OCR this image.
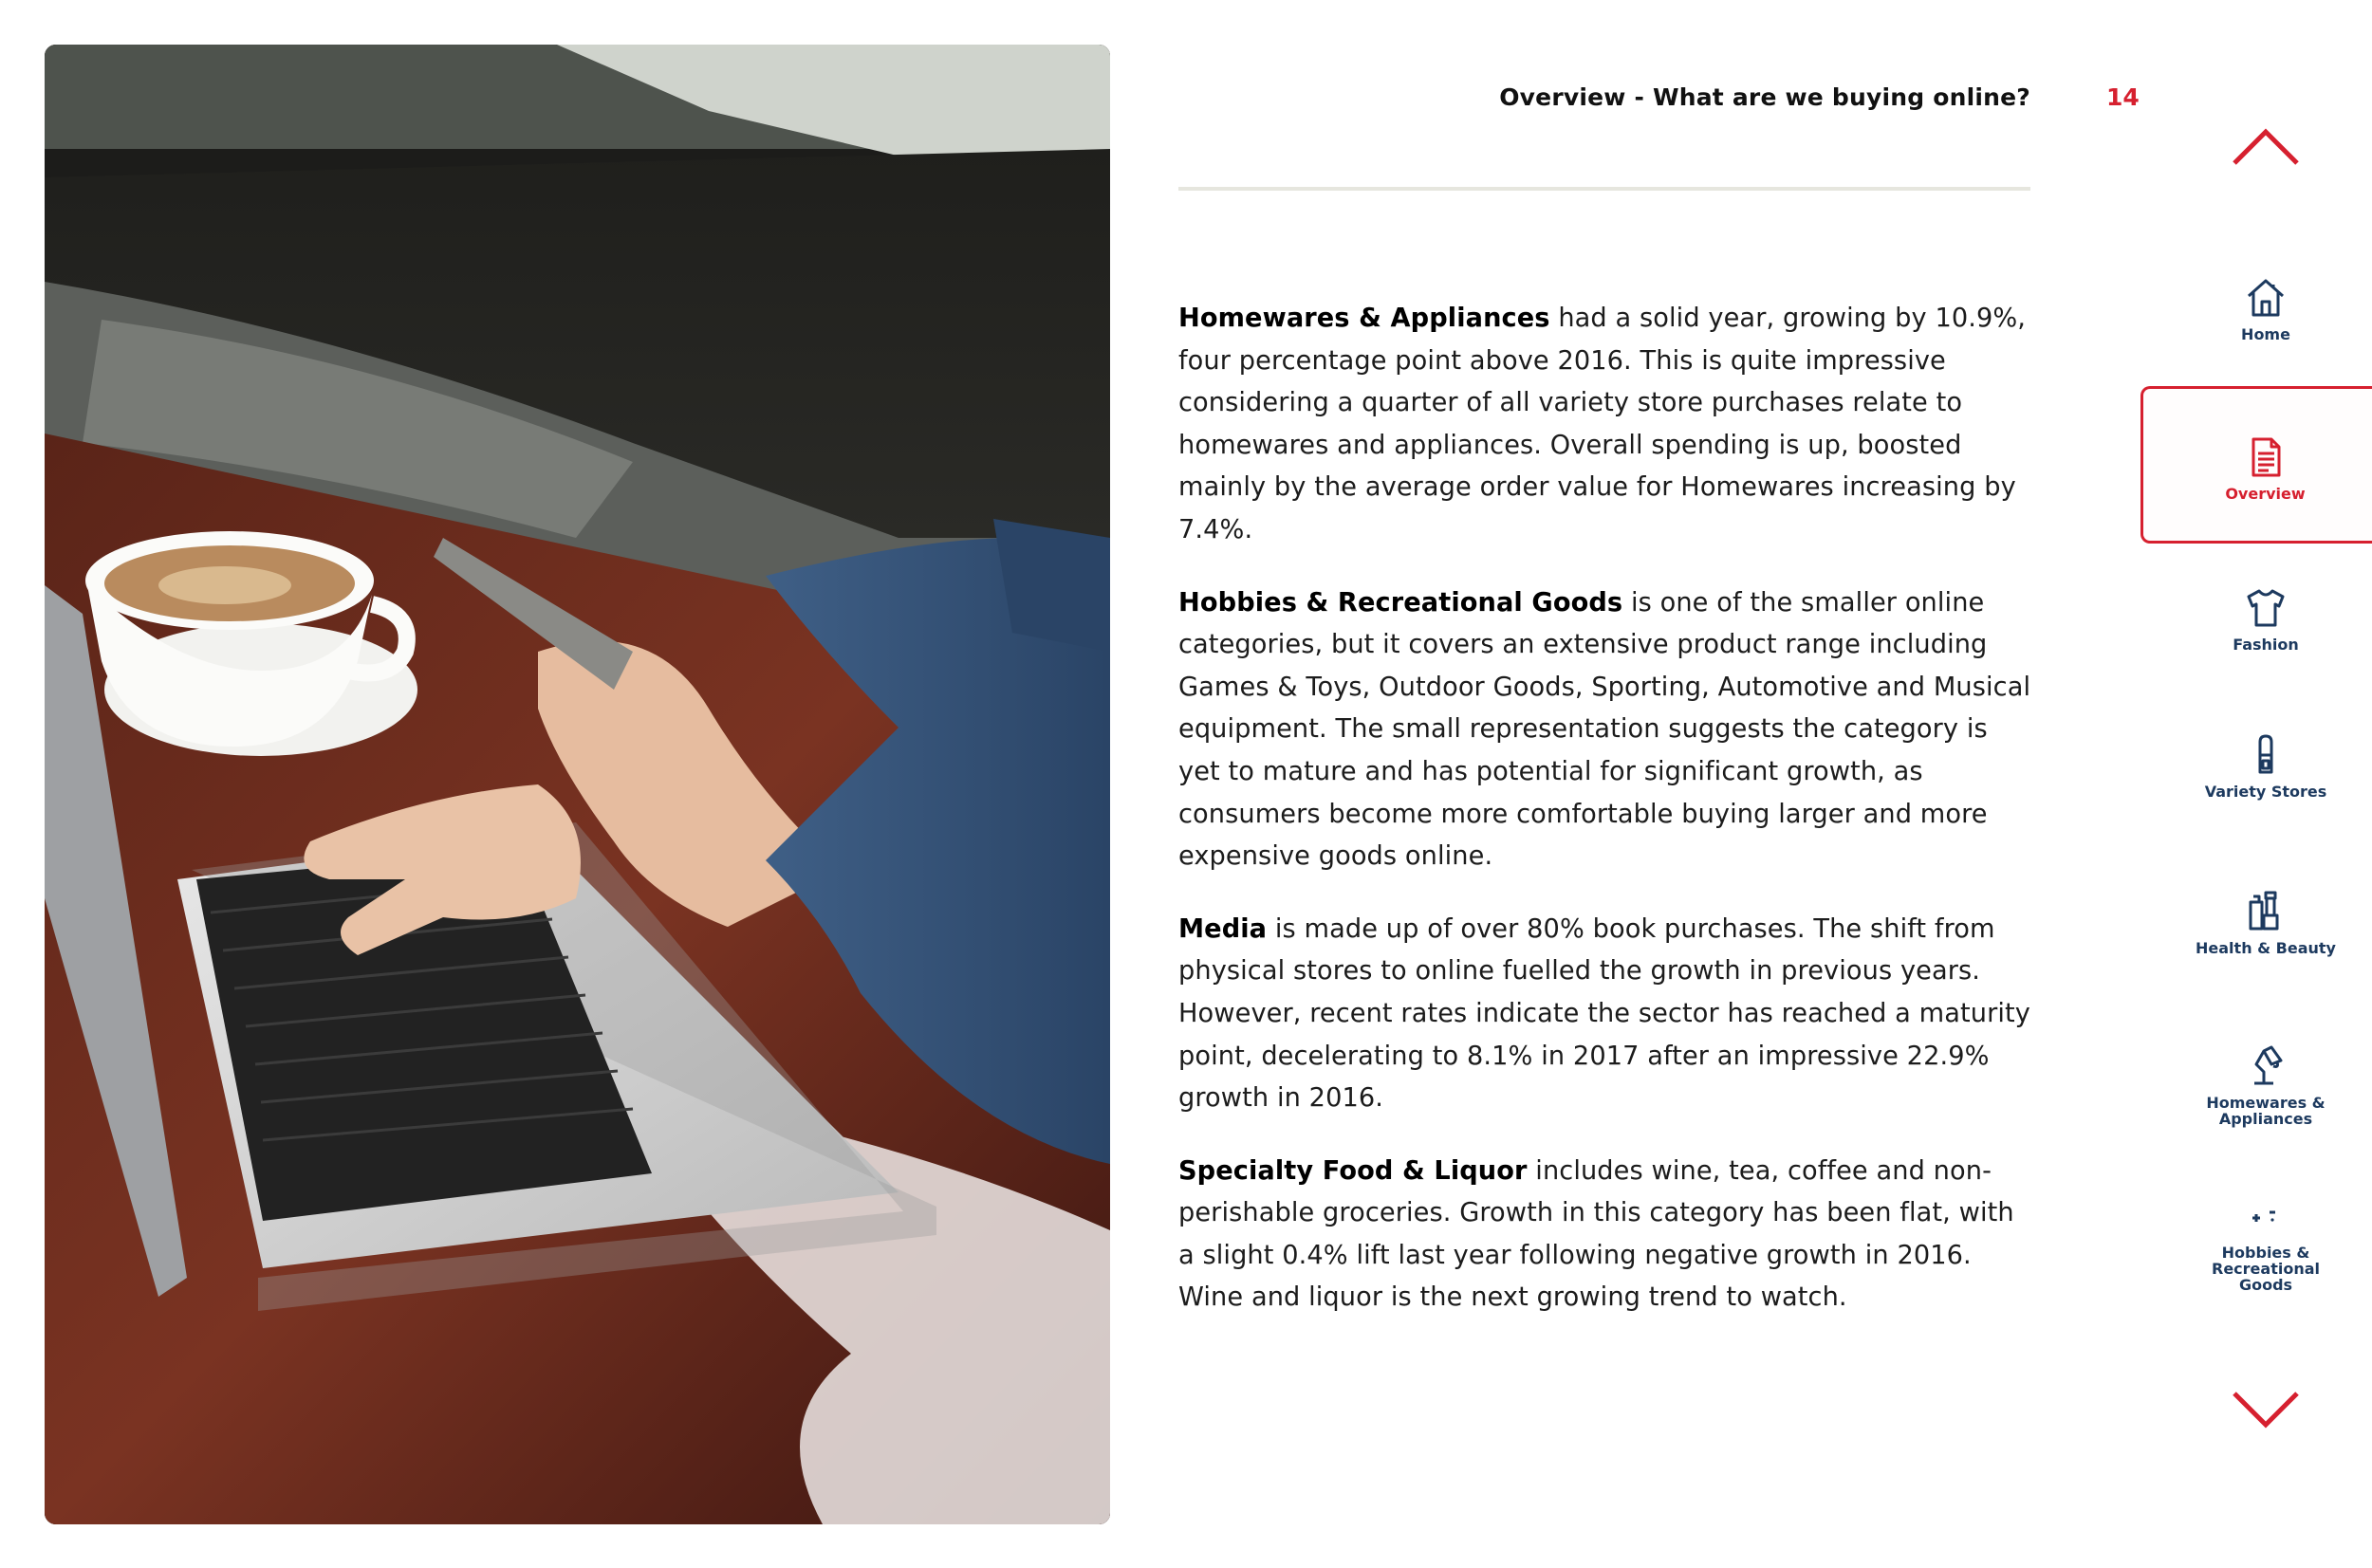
Overview - What are we buying online?	14

Homewares & Appliances had a solid year, growing by 10.9%, four percentage point above 2016. This is quite impressive considering a quarter of all variety store purchases relate to homewares and appliances. Overall spending is up, boosted mainly by the average order value for Homewares increasing by 7.4%.

Hobbies & Recreational Goods is one of the smaller online categories, but it covers an extensive product range including Games & Toys, Outdoor Goods, Sporting, Automotive and Musical equipment. The small representation suggests the category is yet to mature and has potential for significant growth, as consumers become more comfortable buying larger and more expensive goods online.

Media is made up of over 80% book purchases. The shift from physical stores to online fuelled the growth in previous years. However, recent rates indicate the sector has reached a maturity point, decelerating to 8.1% in 2017 after an impressive 22.9% growth in 2016.

Specialty Food & Liquor includes wine, tea, coffee and non-perishable groceries. Growth in this category has been flat, with a slight 0.4% lift last year following negative growth in 2016. Wine and liquor is the next growing trend to watch.

Home
Overview
Fashion
Variety Stores
Health & Beauty
Homewares & Appliances
Hobbies & Recreational Goods
